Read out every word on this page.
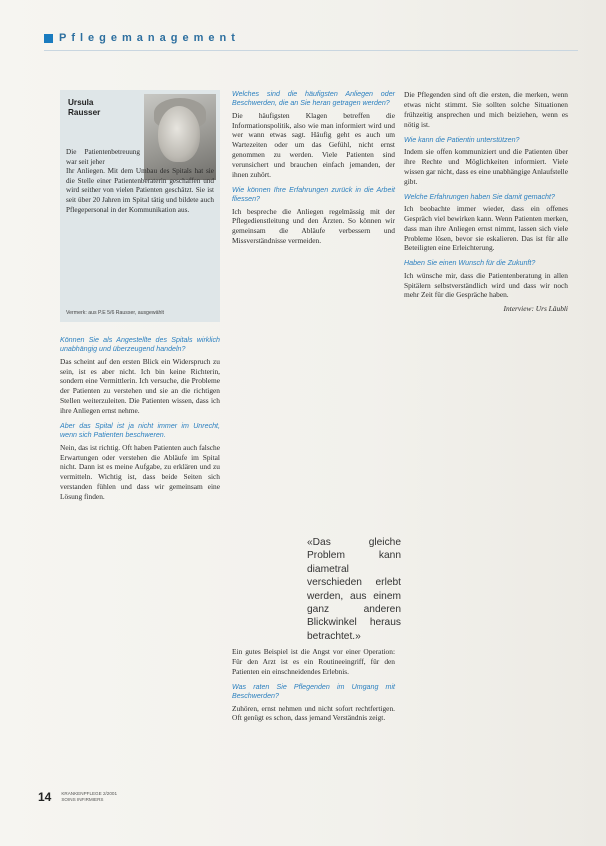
Pflegemanagement
Ursula
Rausser
Die Patientenbetreuung war seit jeher
Ihr Anliegen. Mit dem Umbau des Spitals hat sie die Stelle einer Patientenberaterin geschaffen und wird seither von vielen Patienten geschätzt. Sie ist seit über 20 Jahren im Spital tätig und bildete auch Pflegepersonal in der Kommunikation aus.
Vermerk: aus P.E 5/6 Rausser, ausgewählt
Können Sie als Angestellte des Spitals wirklich unabhängig und überzeugend handeln?
Das scheint auf den ersten Blick ein Widerspruch zu sein, ist es aber nicht. Ich bin keine Richterin, sondern eine Vermittlerin. Ich versuche, die Probleme der Patienten zu verstehen und sie an die richtigen Stellen weiterzuleiten. Die Patienten wissen, dass ich ihre Anliegen ernst nehme.
Aber das Spital ist ja nicht immer im Unrecht, wenn sich Patienten beschweren.
Nein, das ist richtig. Oft haben Patienten auch falsche Erwartungen oder verstehen die Abläufe im Spital nicht. Dann ist es meine Aufgabe, zu erklären und zu vermitteln. Wichtig ist, dass beide Seiten sich verstanden fühlen und dass wir gemeinsam eine Lösung finden.
Welches sind die häufigsten Anliegen oder Beschwerden, die an Sie heran getragen werden?
Die häufigsten Klagen betreffen die Informationspolitik, also wie man informiert wird und wer wann etwas sagt. Häufig geht es auch um Wartezeiten oder um das Gefühl, nicht ernst genommen zu werden. Viele Patienten sind verunsichert und brauchen einfach jemanden, der ihnen zuhört.
Wie können Ihre Erfahrungen zurück in die Arbeit fliessen?
Ich bespreche die Anliegen regelmässig mit der Pflegedienstleitung und den Ärzten. So können wir gemeinsam die Abläufe verbessern und Missverständnisse vermeiden.
«Das gleiche Problem kann diametral verschieden erlebt werden, aus einem ganz anderen Blickwinkel heraus betrachtet.»
Ein gutes Beispiel ist die Angst vor einer Operation: Für den Arzt ist es ein Routineeingriff, für den Patienten ein einschneidendes Erlebnis.
Was raten Sie Pflegenden im Umgang mit Beschwerden?
Zuhören, ernst nehmen und nicht sofort rechtfertigen. Oft genügt es schon, dass jemand Verständnis zeigt.
Die Pflegenden sind oft die ersten, die merken, wenn etwas nicht stimmt. Sie sollten solche Situationen frühzeitig ansprechen und mich beiziehen, wenn es nötig ist.
Wie kann die Patientin unterstützen?
Indem sie offen kommuniziert und die Patienten über ihre Rechte und Möglichkeiten informiert. Viele wissen gar nicht, dass es eine unabhängige Anlaufstelle gibt.
Welche Erfahrungen haben Sie damit gemacht?
Ich beobachte immer wieder, dass ein offenes Gespräch viel bewirken kann. Wenn Patienten merken, dass man ihre Anliegen ernst nimmt, lassen sich viele Probleme lösen, bevor sie eskalieren. Das ist für alle Beteiligten eine Erleichterung.
Haben Sie einen Wunsch für die Zukunft?
Ich wünsche mir, dass die Patientenberatung in allen Spitälern selbstverständlich wird und dass wir noch mehr Zeit für die Gespräche haben.
Interview: Urs Läubli
14 KRANKENPFLEGE 2/2001
SOINS INFIRMIERS
